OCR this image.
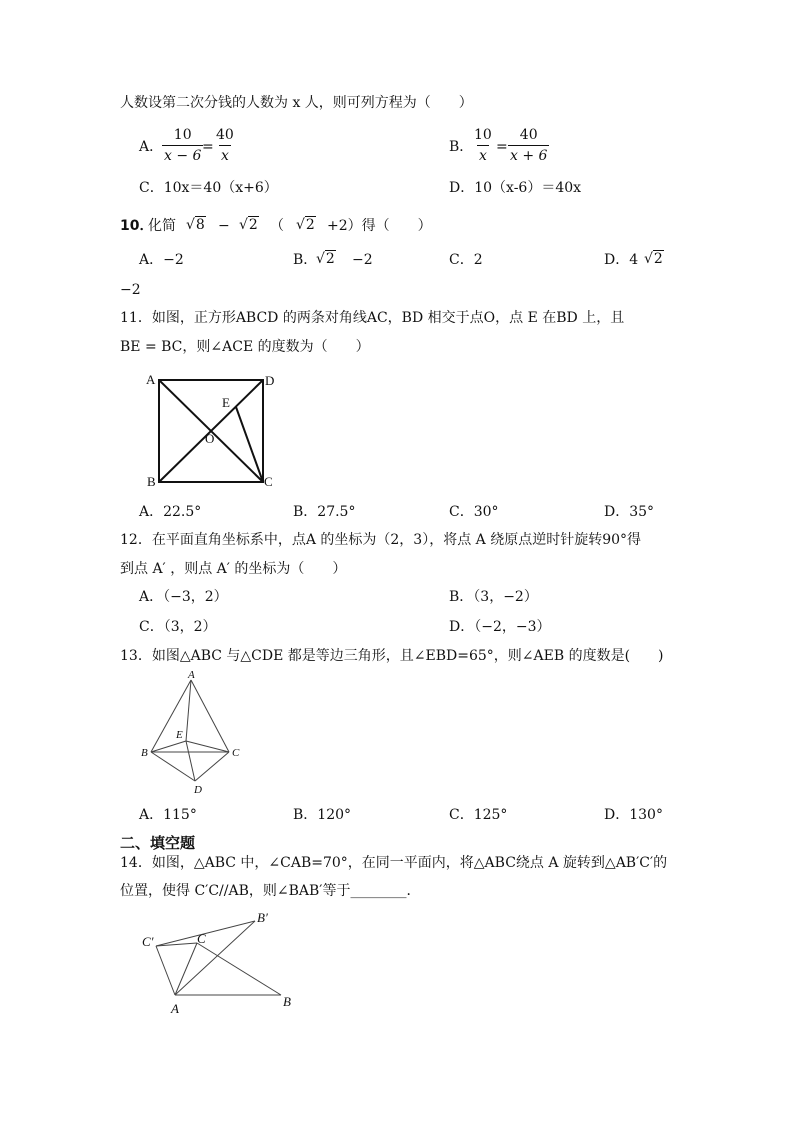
人数设第二次分钱的人数为 x 人，则可列方程为（　　）
A．
$\frac{10}{x - 6}$
= $\frac{40}{x}$	B．
$\frac{10}{x} = \frac{40}{x + 6}$
C．10x＝40（x+6）	D．10（x-6）＝40x
10．
化简 √8 − √2 （ √2 +2）得（　　）
A．−2	B．
√2 −2	C．2	D．4 √2
−2
11．如图，正方形ABCD 的两条对角线AC，BD 相交于点O，点 E 在BD 上，且
BE = BC，则∠ACE 的度数为（　　）
A	D
B	C
E
O
A．22.5°	B．27.5°	C．30°	D．35°
12．在平面直角坐标系中，点A 的坐标为（2，3），将点 A 绕原点逆时针旋转90°得
到点 A′ ，则点 A′ 的坐标为（　　）
A．（−3，2）	B．（3，−2）
C．（3，2）	D．（−2，−3）
13．如图△ABC 与△CDE 都是等边三角形，且∠EBD=65°，则∠AEB 的度数是(　　)
A
B	C
D
E
A．115°	B．120°	C．125°	D．130°
二、填空题
14．如图，△ABC 中，∠CAB=70°，在同一平面内，将△ABC绕点 A 旋转到△AB′C′的
位置，使得 C′C//AB，则∠BAB′等于________．
A	B
C
B′
C′
